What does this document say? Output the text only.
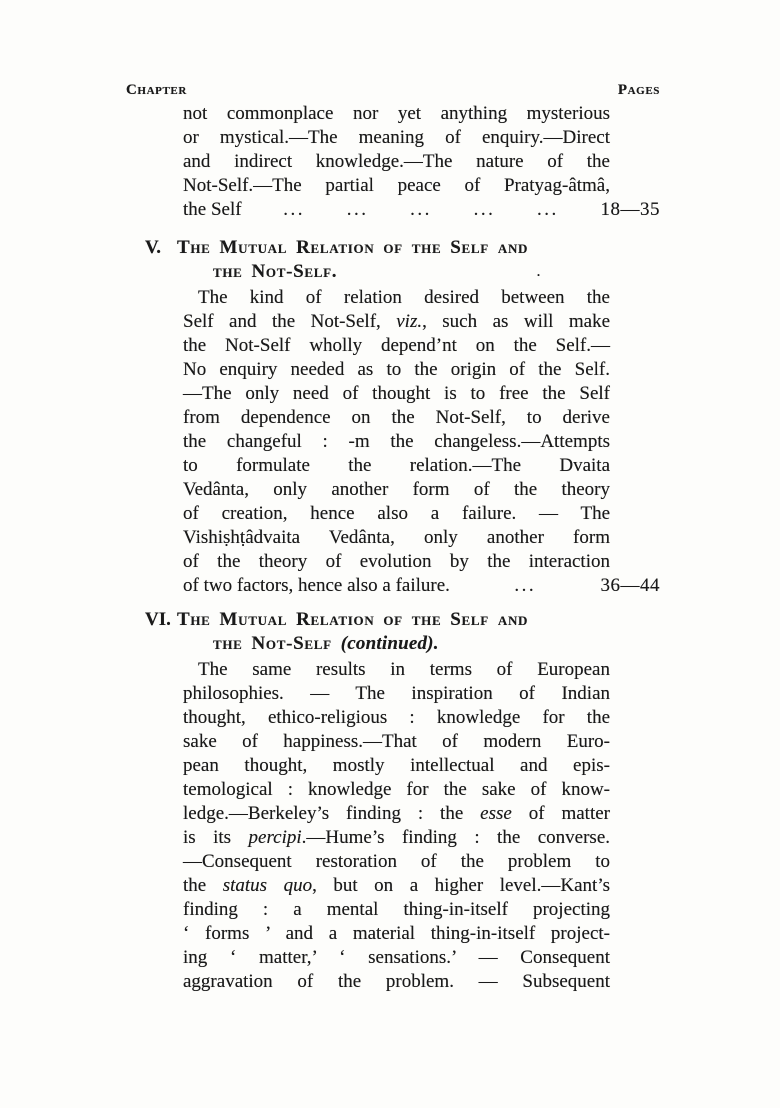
Chapter	Pages
not commonplace nor yet anything mysterious
or mystical.—The meaning of enquiry.—Direct
and indirect knowledge.—The nature of the
Not-Self.—The partial peace of Pratyag-âtmâ,
the Self ... ... ... ... ... 18—35
V. The Mutual Relation of the Self and
the Not-Self.	.
The kind of relation desired between the
Self and the Not-Self, viz., such as will make
the Not-Self wholly depend’nt on the Self.—
No enquiry needed as to the origin of the Self.
—The only need of thought is to free the Self
from dependence on the Not-Self, to derive
the changeful : -m the changeless.—Attempts
to formulate the relation.—The Dvaita
Vedânta, only another form of the theory
of creation, hence also a failure. — The
Vishiṣhṭâdvaita Vedânta, only another form
of the theory of evolution by the interaction
of two factors, hence also a failure.	...	36—44
VI. The Mutual Relation of the Self and
the Not-Self (continued).
The same results in terms of European
philosophies. — The inspiration of Indian
thought, ethico-religious : knowledge for the
sake of happiness.—That of modern Euro-
pean thought, mostly intellectual and epis-
temological : knowledge for the sake of know-
ledge.—Berkeley’s finding : the esse of matter
is its percipi.—Hume’s finding : the converse.
—Consequent restoration of the problem to
the status quo, but on a higher level.—Kant’s
finding : a mental thing-in-itself projecting
‘ forms ’ and a material thing-in-itself project-
ing ‘ matter,’ ‘ sensations.’ — Consequent
aggravation of the problem. — Subsequent
